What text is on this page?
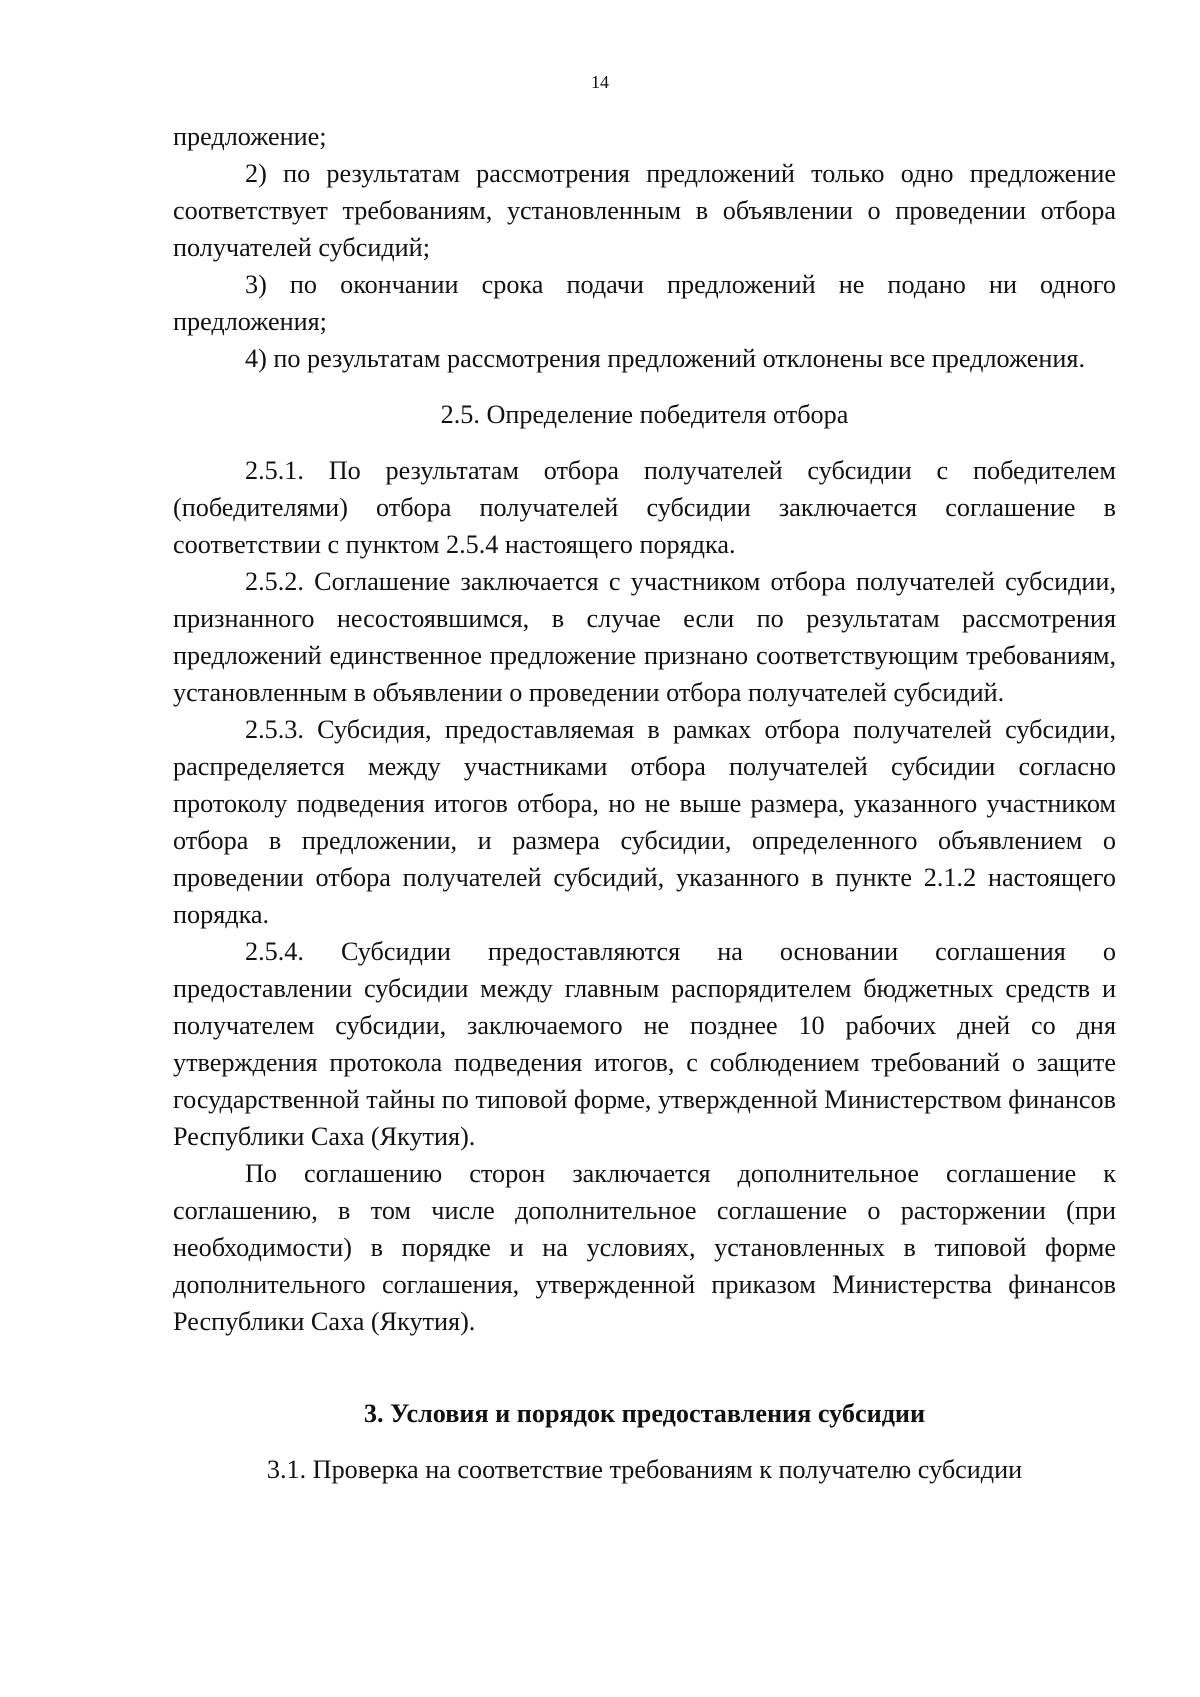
14

предложение;

2) по результатам рассмотрения предложений только одно предложение соответствует требованиям, установленным в объявлении о проведении отбора получателей субсидий;

3) по окончании срока подачи предложений не подано ни одного предложения;

4) по результатам рассмотрения предложений отклонены все предложения.

2.5. Определение победителя отбора

2.5.1. По результатам отбора получателей субсидии с победителем (победителями) отбора получателей субсидии заключается соглашение в соответствии с пунктом 2.5.4 настоящего порядка.

2.5.2. Соглашение заключается с участником отбора получателей субсидии, признанного несостоявшимся, в случае если по результатам рассмотрения предложений единственное предложение признано соответствующим требованиям, установленным в объявлении о проведении отбора получателей субсидий.

2.5.3. Субсидия, предоставляемая в рамках отбора получателей субсидии, распределяется между участниками отбора получателей субсидии согласно протоколу подведения итогов отбора, но не выше размера, указанного участником отбора в предложении, и размера субсидии, определенного объявлением о проведении отбора получателей субсидий, указанного в пункте 2.1.2 настоящего порядка.

2.5.4. Субсидии предоставляются на основании соглашения о предоставлении субсидии между главным распорядителем бюджетных средств и получателем субсидии, заключаемого не позднее 10 рабочих дней со дня утверждения протокола подведения итогов, с соблюдением требований о защите государственной тайны по типовой форме, утвержденной Министерством финансов Республики Саха (Якутия).

По соглашению сторон заключается дополнительное соглашение к соглашению, в том числе дополнительное соглашение о расторжении (при необходимости) в порядке и на условиях, установленных в типовой форме дополнительного соглашения, утвержденной приказом Министерства финансов Республики Саха (Якутия).

3. Условия и порядок предоставления субсидии

3.1. Проверка на соответствие требованиям к получателю субсидии
